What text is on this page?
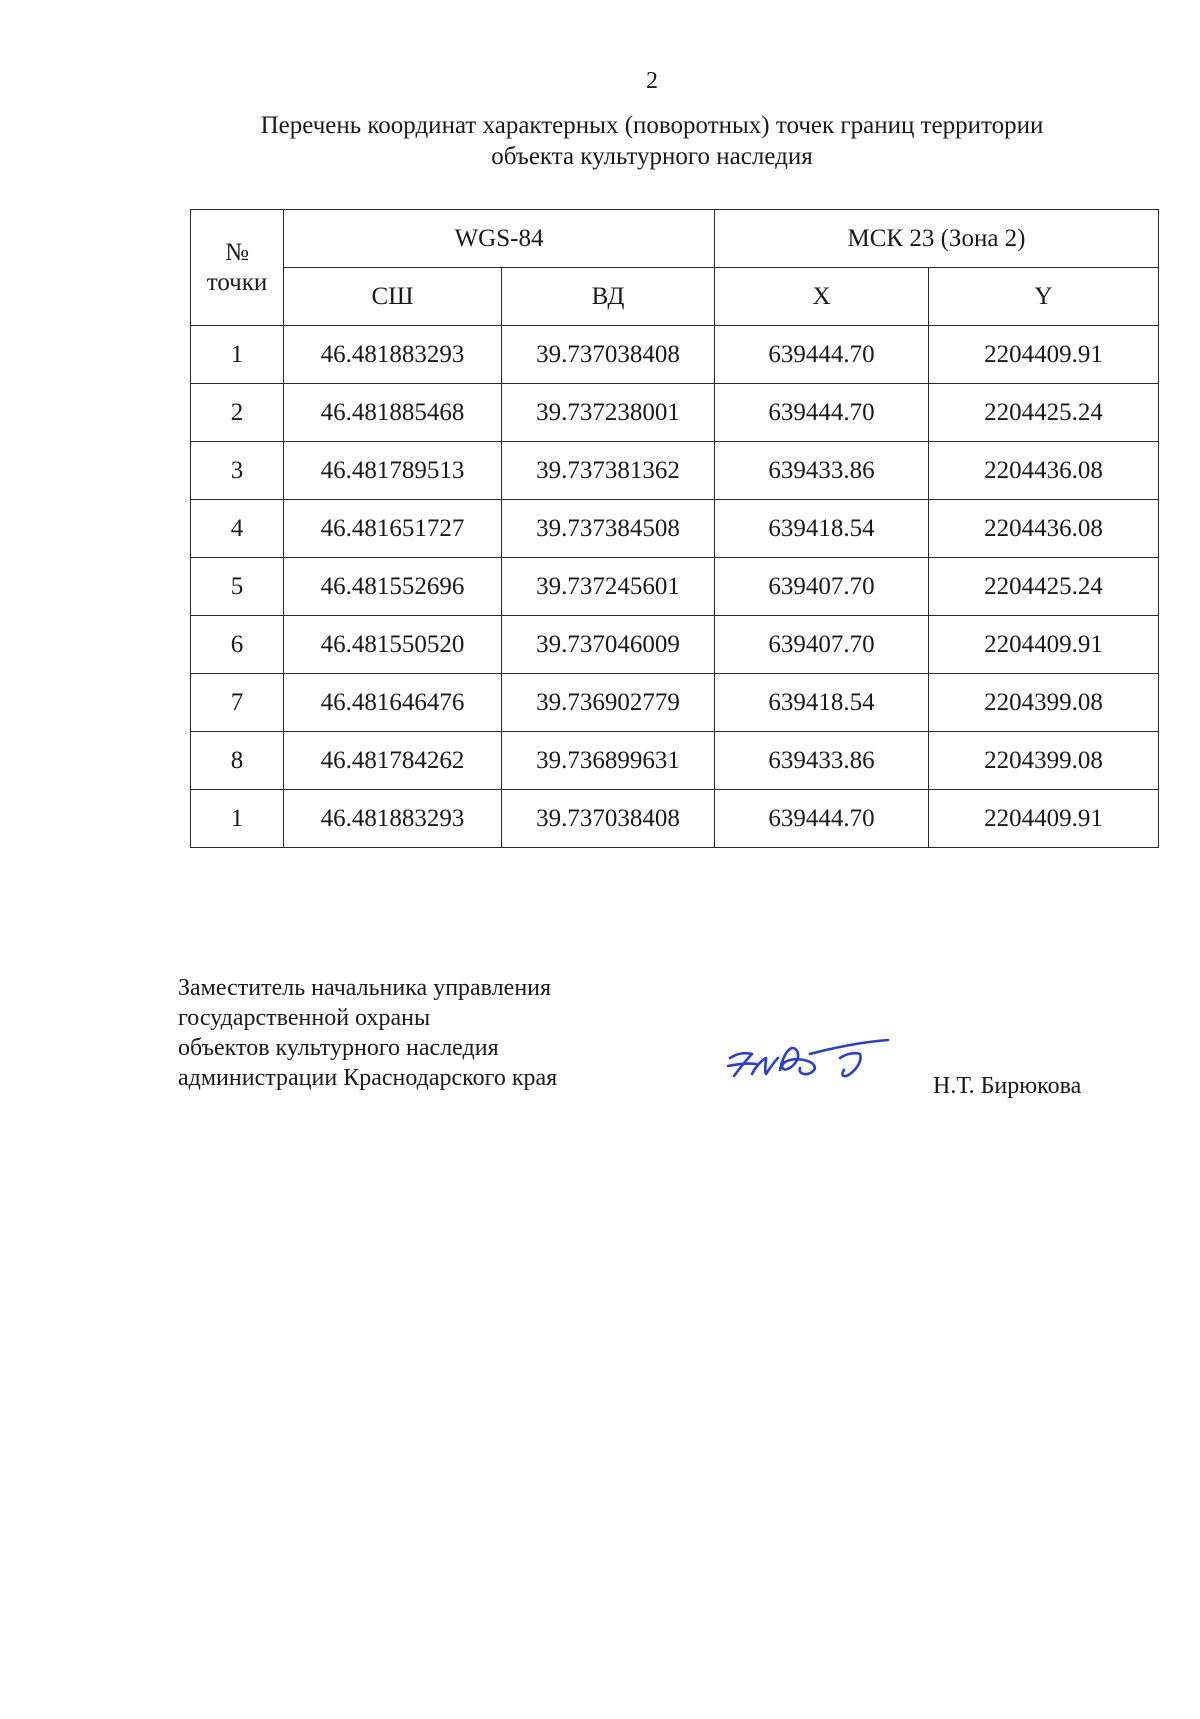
2
Перечень координат характерных (поворотных) точек границ территории
объекта культурного наследия
№
точки	WGS-84		МСК 23 (Зона 2)	
	СШ	ВД	X	Y
1	46.481883293	39.737038408	639444.70	2204409.91
2	46.481885468	39.737238001	639444.70	2204425.24
3	46.481789513	39.737381362	639433.86	2204436.08
4	46.481651727	39.737384508	639418.54	2204436.08
5	46.481552696	39.737245601	639407.70	2204425.24
6	46.481550520	39.737046009	639407.70	2204409.91
7	46.481646476	39.736902779	639418.54	2204399.08
8	46.481784262	39.736899631	639433.86	2204399.08
1	46.481883293	39.737038408	639444.70	2204409.91
Заместитель начальника управления
государственной охраны
объектов культурного наследия
администрации Краснодарского края	Н.Т. Бирюкова
